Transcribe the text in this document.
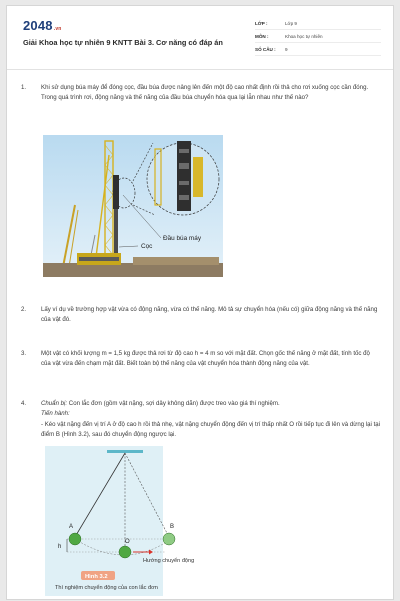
2048.vn
Giải Khoa học tự nhiên 9 KNTT Bài 3. Cơ năng có đáp án
LỚP :	Lớp 9
MÔN :	Khoa học tự nhiên
SỐ CÂU :	9
1. Khi sử dụng búa máy để đóng cọc, đầu búa được nâng lên đến một độ cao nhất định rồi thả cho rơi xuống cọc cần đóng.

Trong quá trình rơi, động năng và thế năng của đầu búa chuyển hóa qua lại lẫn nhau như thế nào?

Đầu búa máy
Cọc
2. Lấy ví dụ về trường hợp vật vừa có động năng, vừa có thế năng. Mô tả sự chuyển hóa (nếu có) giữa động năng và thế năng của vật đó.

3. Một vật có khối lượng m = 1,5 kg được thả rơi từ độ cao h = 4 m so với mặt đất. Chọn gốc thế năng ở mặt đất, tính tốc độ của vật vừa đến chạm mặt đất. Biết toàn bộ thế năng của vật chuyển hóa thành động năng của vật.

4. Chuẩn bị: Con lắc đơn (gồm vật nặng, sợi dây không dãn) được treo vào giá thí nghiệm.

Tiến hành:

- Kéo vật nặng đến vị trí A ở độ cao h rồi thả nhẹ, vật nặng chuyển động đến vị trí thấp nhất O rồi tiếp tục đi lên và dừng lại tại điểm B (Hình 3.2), sau đó chuyển động ngược lại.

h
A
O
B
Hướng chuyển động
Hình 3.2
Thí nghiệm chuyển động của con lắc đơn
